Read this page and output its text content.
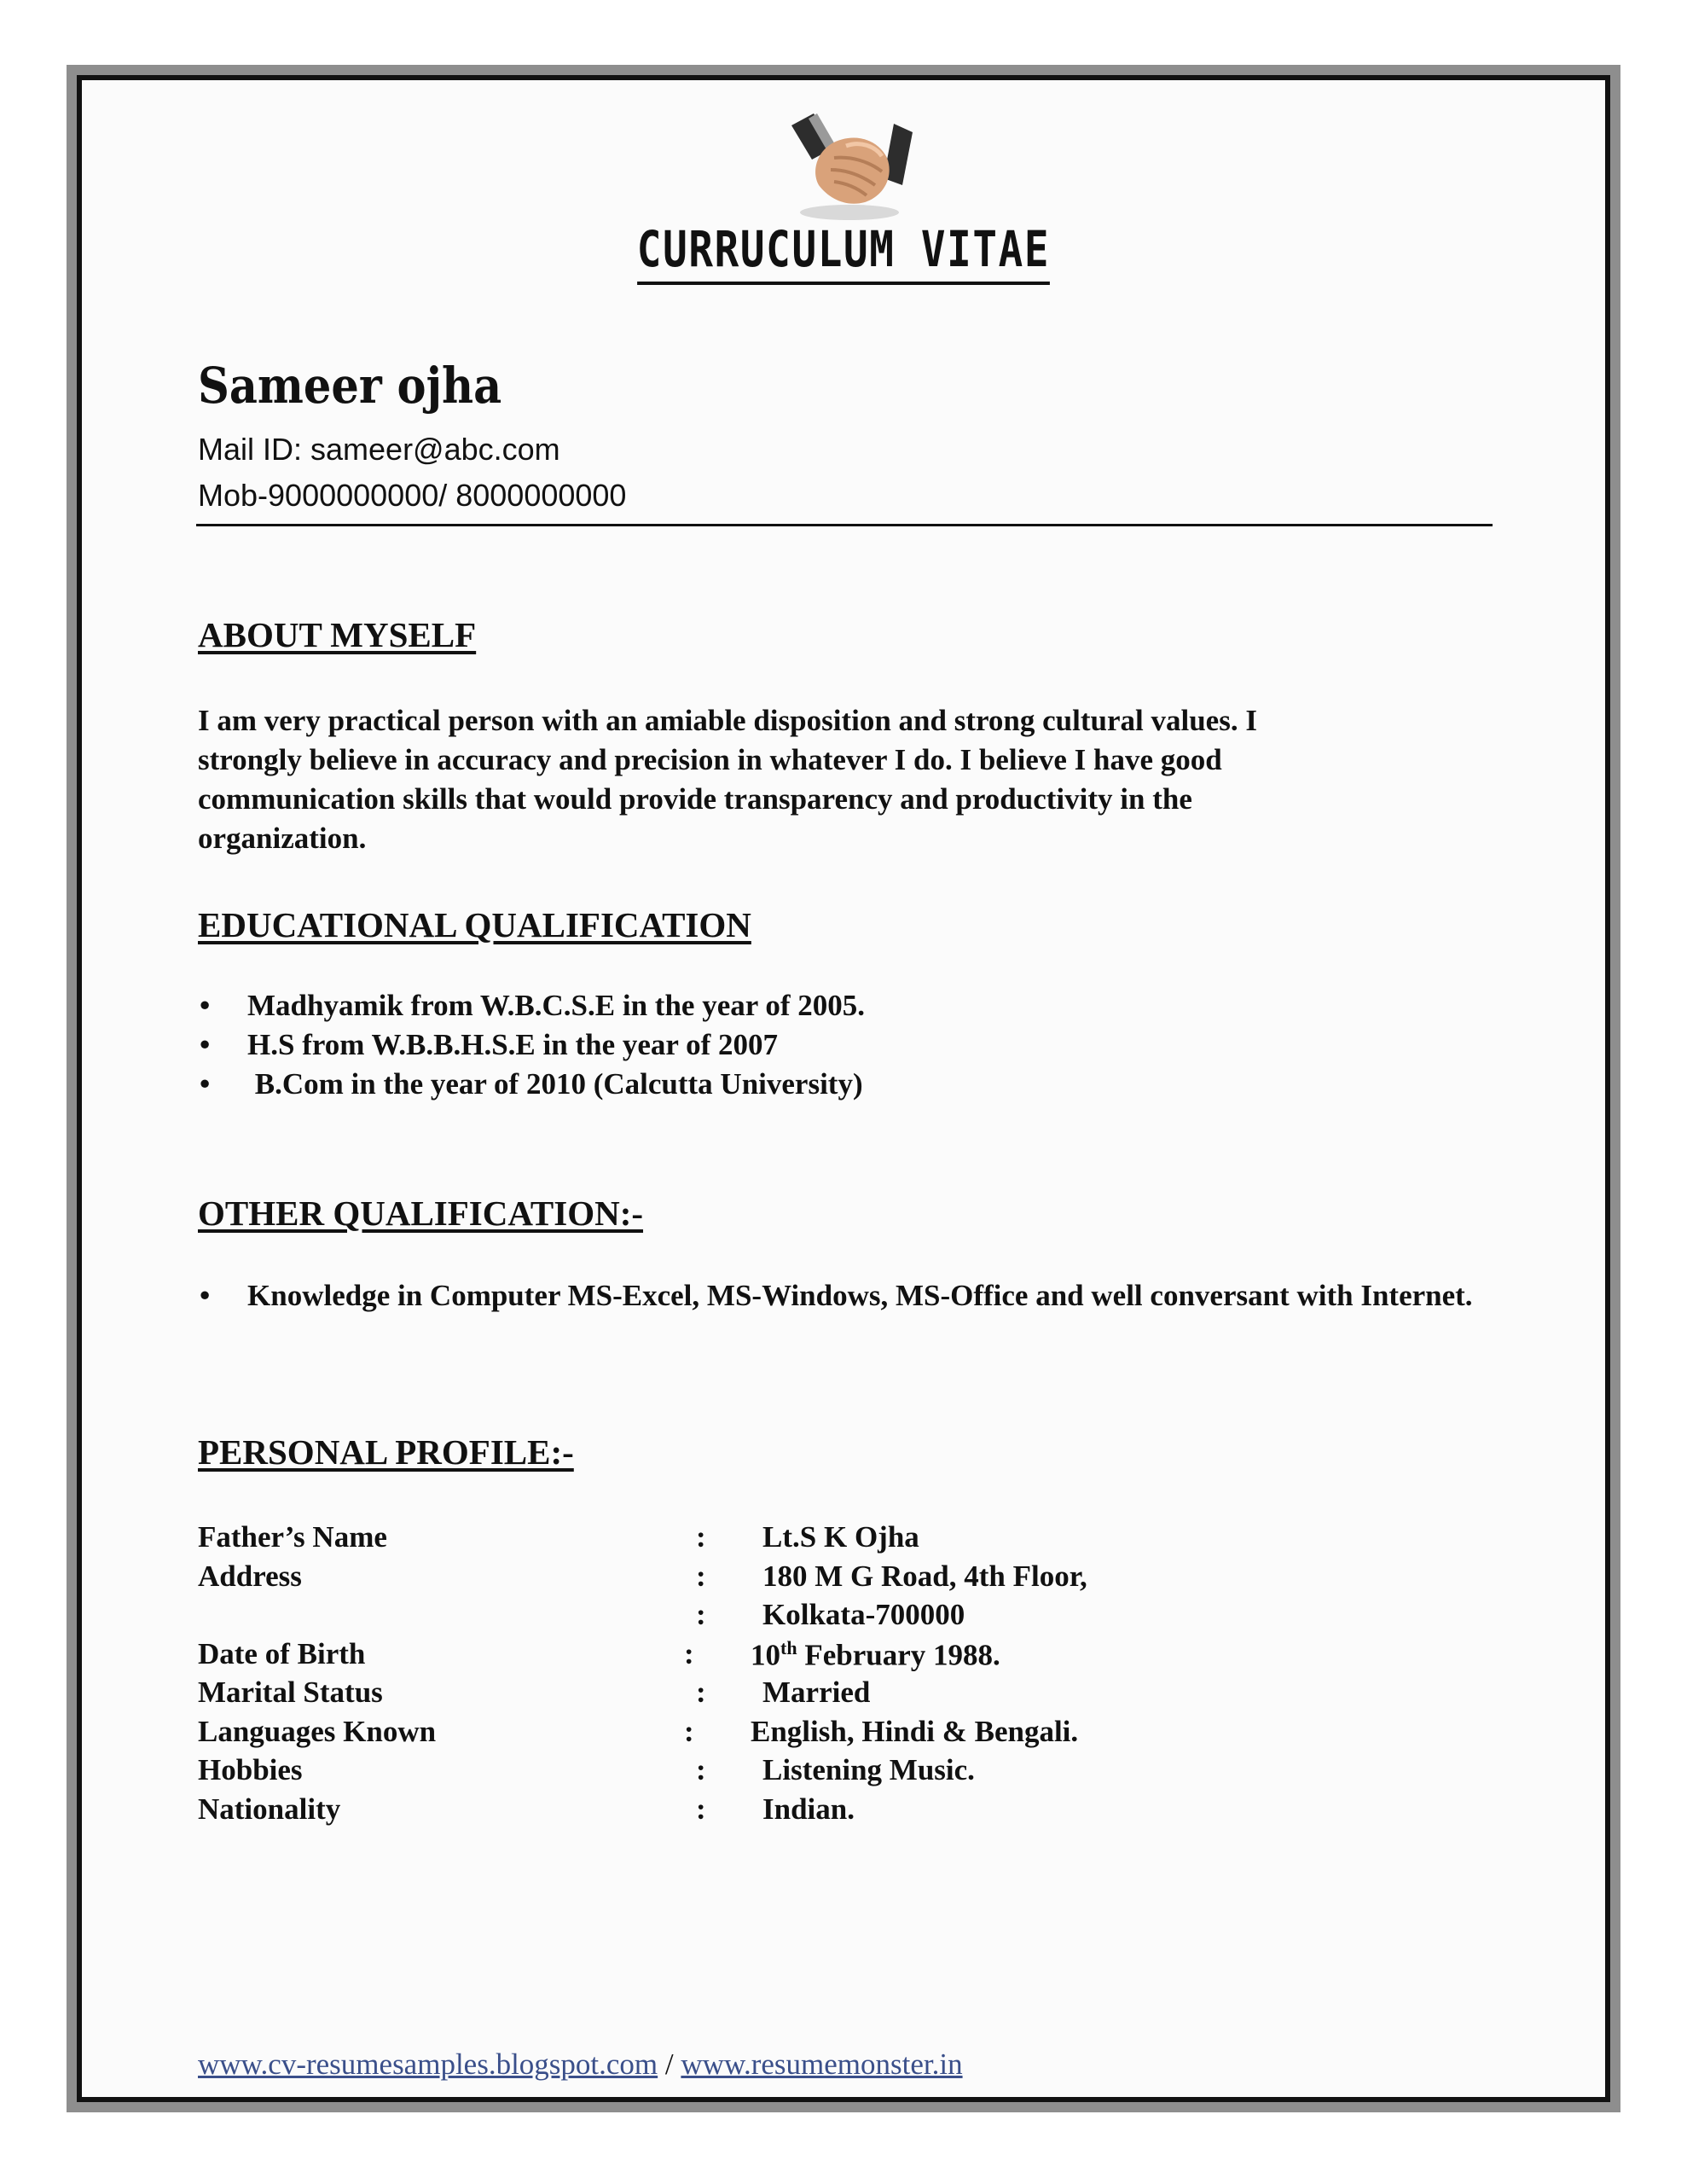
CURRUCULUM VITAE
Sameer ojha
Mail ID: sameer@abc.com
Mob-9000000000/ 8000000000
ABOUT MYSELF
I am very practical person with an amiable disposition and strong cultural values. I
strongly believe in accuracy and precision in whatever I do. I believe I have good
communication skills that would provide transparency and productivity in the
organization.
EDUCATIONAL QUALIFICATION
• Madhyamik from W.B.C.S.E in the year of 2005.
• H.S from W.B.B.H.S.E in the year of 2007
• B.Com in the year of 2010 (Calcutta University)
OTHER QUALIFICATION:-
• Knowledge in Computer MS-Excel, MS-Windows, MS-Office and well conversant with Internet.
PERSONAL PROFILE:-
Father’s Name	: Lt.S K Ojha
Address	: 180 M G Road, 4th Floor,
: Kolkata-700000
Date of Birth	: 10th February 1988.
Marital Status	: Married
Languages Known	: English, Hindi & Bengali.
Hobbies	: Listening Music.
Nationality	: Indian.
www.cv-resumesamples.blogspot.com / www.resumemonster.in
